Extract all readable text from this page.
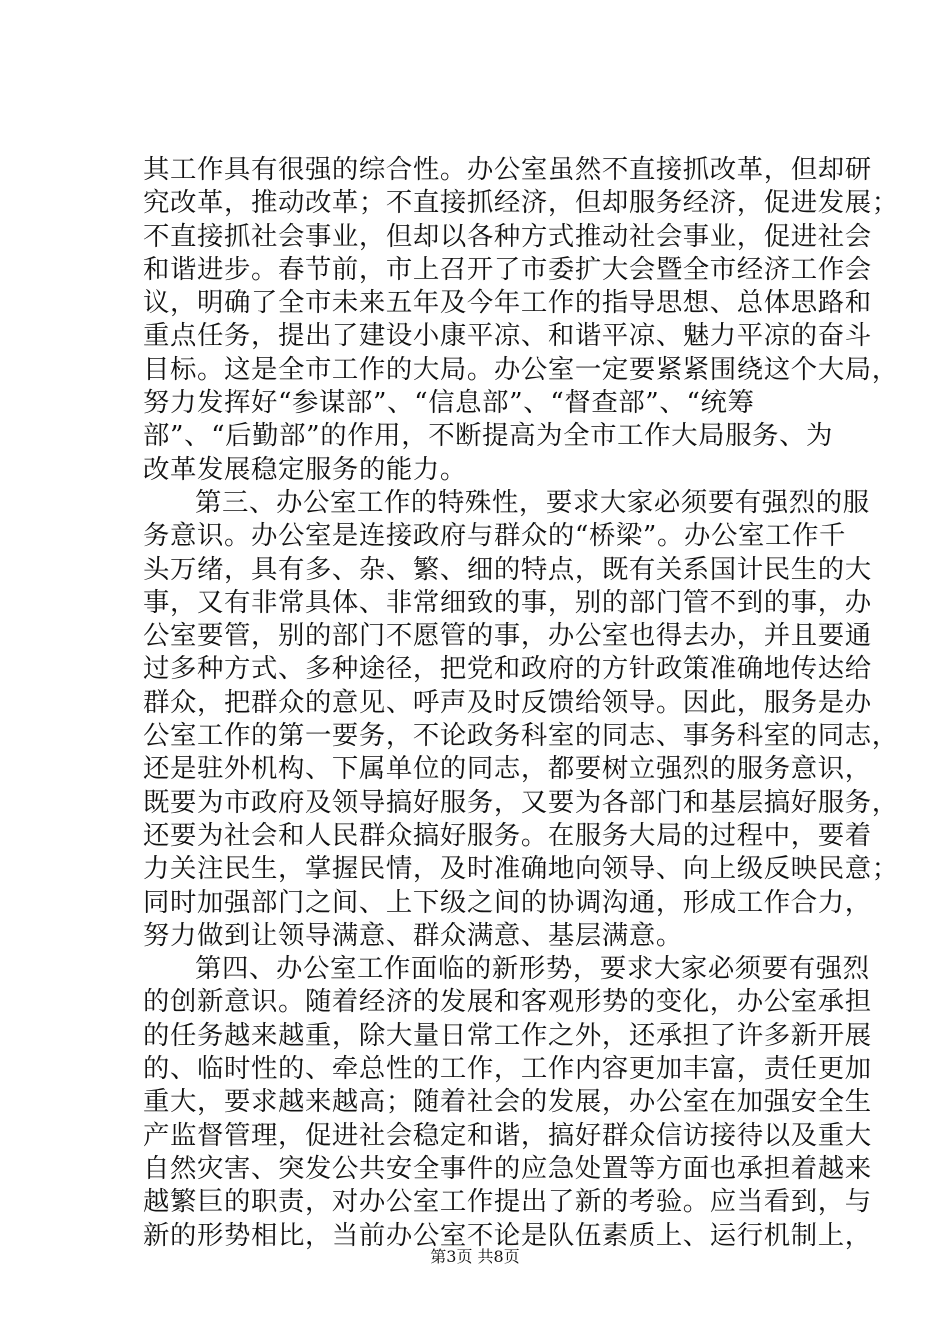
其工作具有很强的综合性。办公室虽然不直接抓改革，但却研
究改革，推动改革；不直接抓经济，但却服务经济，促进发展；
不直接抓社会事业，但却以各种方式推动社会事业，促进社会
和谐进步。春节前，市上召开了市委扩大会暨全市经济工作会
议，明确了全市未来五年及今年工作的指导思想、总体思路和
重点任务，提出了建设小康平凉、和谐平凉、魅力平凉的奋斗
目标。这是全市工作的大局。办公室一定要紧紧围绕这个大局，
努力发挥好“参谋部”、“信息部”、“督查部”、“统筹
部”、“后勤部”的作用，不断提高为全市工作大局服务、为
改革发展稳定服务的能力。
第三、办公室工作的特殊性，要求大家必须要有强烈的服
务意识。办公室是连接政府与群众的“桥梁”。办公室工作千
头万绪，具有多、杂、繁、细的特点，既有关系国计民生的大
事，又有非常具体、非常细致的事，别的部门管不到的事，办
公室要管，别的部门不愿管的事，办公室也得去办，并且要通
过多种方式、多种途径，把党和政府的方针政策准确地传达给
群众，把群众的意见、呼声及时反馈给领导。因此，服务是办
公室工作的第一要务，不论政务科室的同志、事务科室的同志，
还是驻外机构、下属单位的同志，都要树立强烈的服务意识，
既要为市政府及领导搞好服务，又要为各部门和基层搞好服务，
还要为社会和人民群众搞好服务。在服务大局的过程中，要着
力关注民生，掌握民情，及时准确地向领导、向上级反映民意；
同时加强部门之间、上下级之间的协调沟通，形成工作合力，
努力做到让领导满意、群众满意、基层满意。
第四、办公室工作面临的新形势，要求大家必须要有强烈
的创新意识。随着经济的发展和客观形势的变化，办公室承担
的任务越来越重，除大量日常工作之外，还承担了许多新开展
的、临时性的、牵总性的工作，工作内容更加丰富，责任更加
重大，要求越来越高；随着社会的发展，办公室在加强安全生
产监督管理，促进社会稳定和谐，搞好群众信访接待以及重大
自然灾害、突发公共安全事件的应急处置等方面也承担着越来
越繁巨的职责，对办公室工作提出了新的考验。应当看到，与
新的形势相比，当前办公室不论是队伍素质上、运行机制上，
第3页 共8页
